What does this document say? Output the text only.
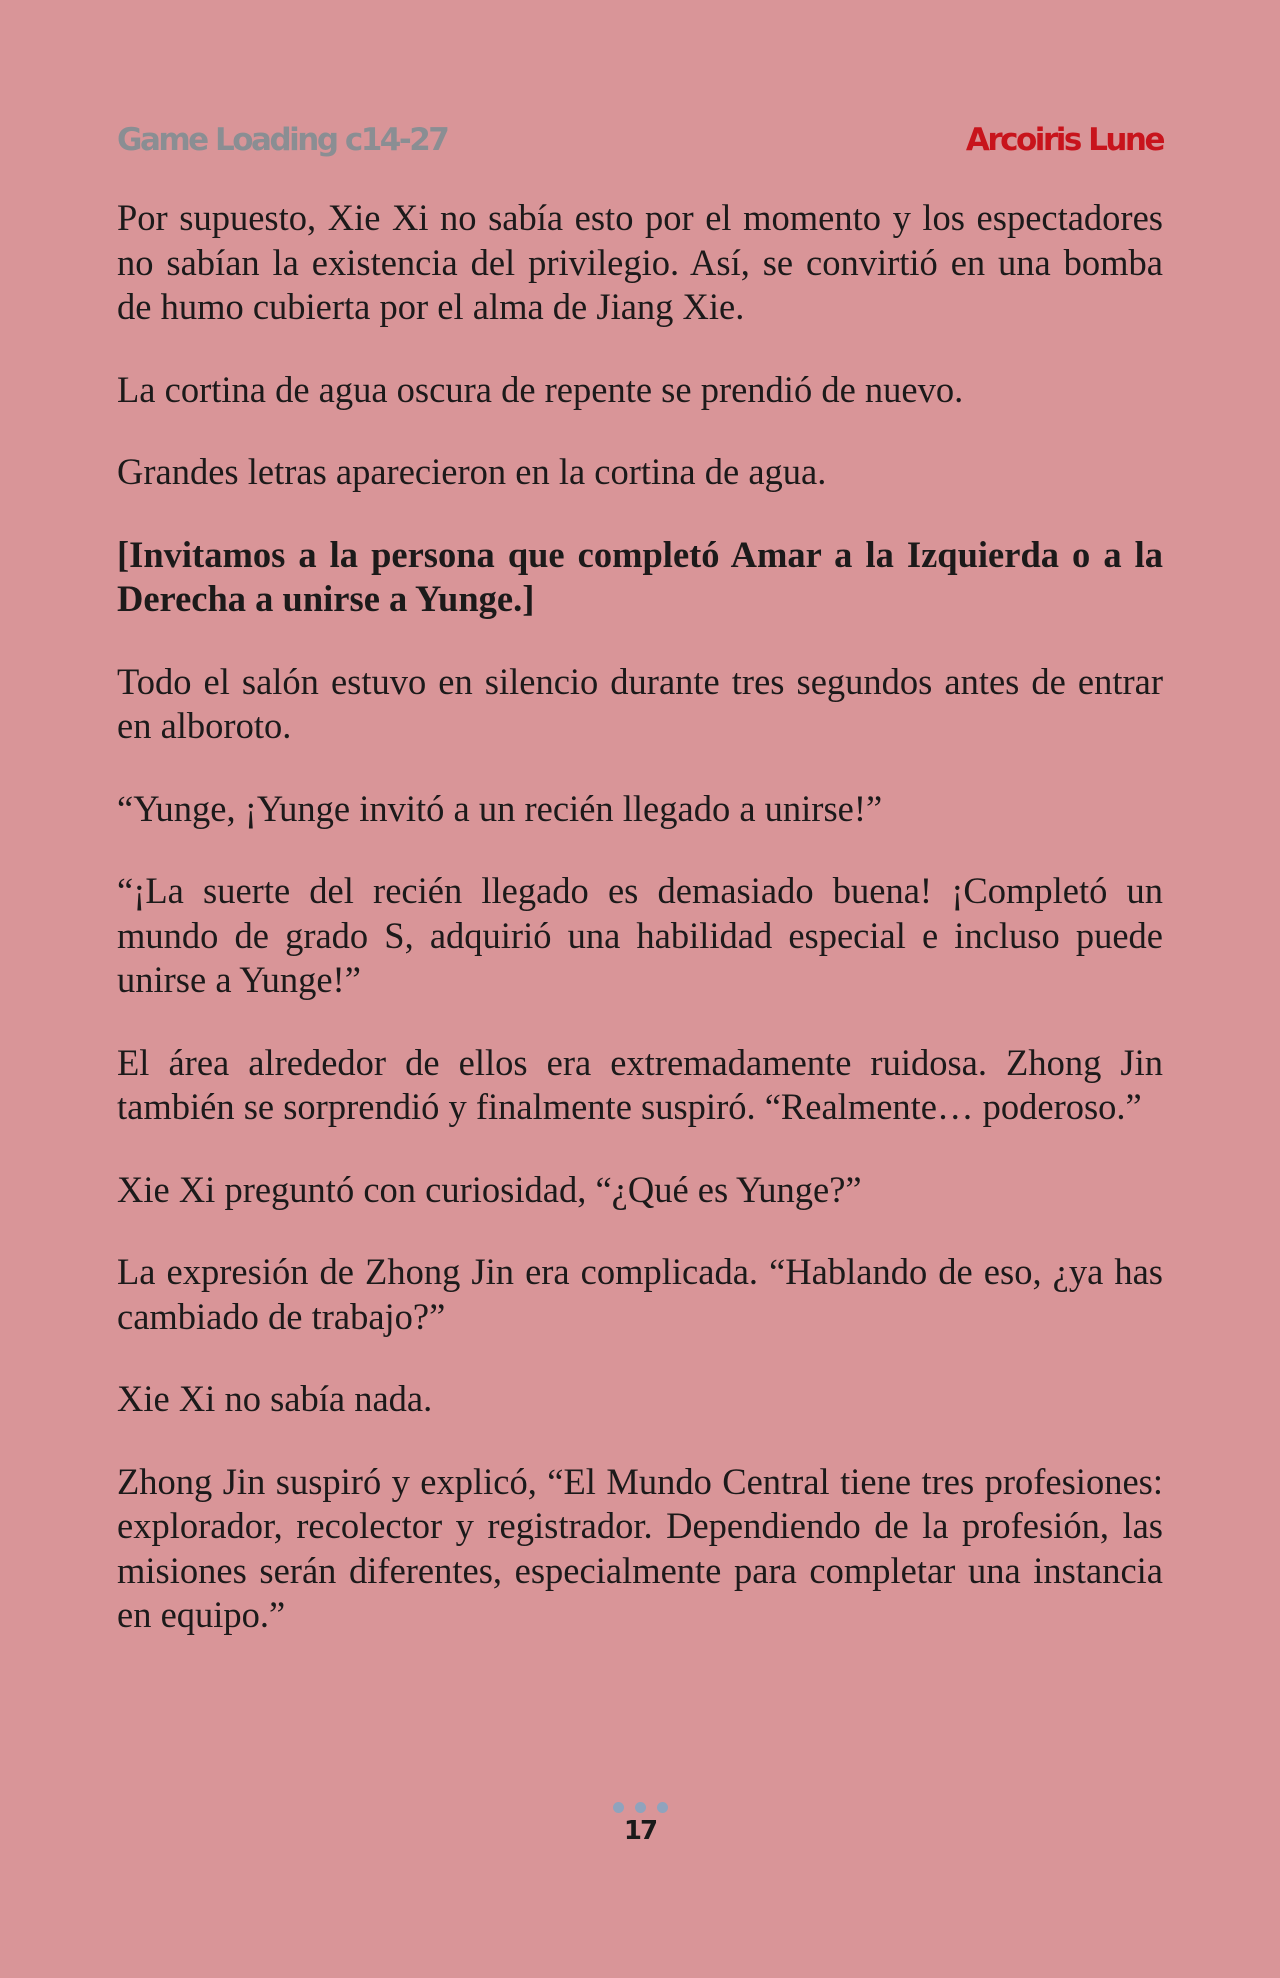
Game Loading c14-27	Arcoiris Lune

Por supuesto, Xie Xi no sabía esto por el momento y los espectadores no sabían la existencia del privilegio. Así, se convirtió en una bomba de humo cubierta por el alma de Jiang Xie.

La cortina de agua oscura de repente se prendió de nuevo.

Grandes letras aparecieron en la cortina de agua.

[Invitamos a la persona que completó Amar a la Izquierda o a la Derecha a unirse a Yunge.]

Todo el salón estuvo en silencio durante tres segundos antes de entrar en alboroto.

“Yunge, ¡Yunge invitó a un recién llegado a unirse!”

“¡La suerte del recién llegado es demasiado buena! ¡Completó un mundo de grado S, adquirió una habilidad especial e incluso puede unirse a Yunge!”

El área alrededor de ellos era extremadamente ruidosa. Zhong Jin también se sorprendió y finalmente suspiró. “Realmente… poderoso.”

Xie Xi preguntó con curiosidad, “¿Qué es Yunge?”

La expresión de Zhong Jin era complicada. “Hablando de eso, ¿ya has cambiado de trabajo?”

Xie Xi no sabía nada.

Zhong Jin suspiró y explicó, “El Mundo Central tiene tres profesiones: explorador, recolector y registrador. Dependiendo de la profesión, las misiones serán diferentes, especialmente para completar una instancia en equipo.”

17
